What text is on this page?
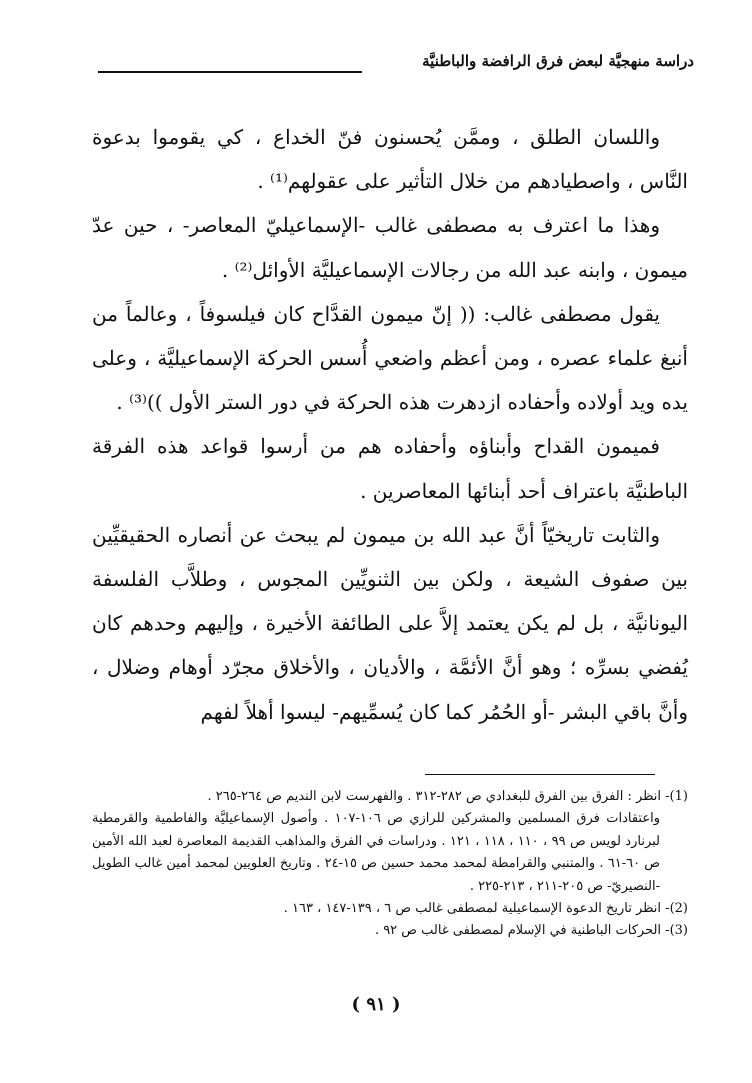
دراسة منهجيَّة لبعض فرق الرافضة والباطنيَّة

واللسان الطلق ، وممَّن يُحسنون فنّ الخداع ، كي يقوموا بدعوة النَّاس ، واصطيادهم من خلال التأثير على عقولهم⁽¹⁾ .

وهذا ما اعترف به مصطفى غالب -الإسماعيليّ المعاصر- ، حين عدّ ميمون ، وابنه عبد الله من رجالات الإسماعيليَّة الأوائل⁽²⁾ .

يقول مصطفى غالب: (( إنّ ميمون القدَّاح كان فيلسوفاً ، وعالماً من أنبغ علماء عصره ، ومن أعظم واضعي أُسس الحركة الإسماعيليَّة ، وعلى يده ويد أولاده وأحفاده ازدهرت هذه الحركة في دور الستر الأول ))⁽³⁾ .

فميمون القداح وأبناؤه وأحفاده هم من أرسوا قواعد هذه الفرقة الباطنيَّة باعتراف أحد أبنائها المعاصرين .

والثابت تاريخيّاً أنَّ عبد الله بن ميمون لم يبحث عن أنصاره الحقيقيِّين بين صفوف الشيعة ، ولكن بين الثنويِّين المجوس ، وطلاَّب الفلسفة اليونانيَّة ، بل لم يكن يعتمد إلاَّ على الطائفة الأخيرة ، وإليهم وحدهم كان يُفضي بسرِّه ؛ وهو أنَّ الأئمَّة ، والأديان ، والأخلاق مجرّد أوهام وضلال ، وأنَّ باقي البشر -أو الحُمُر كما كان يُسمِّيهم- ليسوا أهلاً لفهم

(1)- انظر : الفرق بين الفرق للبغدادي ص ٢٨٢-٣١٢ . والفهرست لابن النديم ص ٢٦٤-٢٦٥ .

واعتقادات فرق المسلمين والمشركين للرازي ص ١٠٦-١٠٧ . وأصول الإسماعيليَّة والفاطمية والقرمطية لبرنارد لويس ص ٩٩ ، ١١٠ ، ١١٨ ، ١٢١ . ودراسات في الفرق والمذاهب القديمة المعاصرة لعبد الله الأمين ص ٦٠-٦١ . والمتنبي والقرامطة لمحمد محمد حسين ص ١٥-٢٤ . وتاريخ العلويين لمحمد أمين غالب الطويل -النصيريّ- ص ٢٠٥-٢١١ ، ٢١٣-٢٢٥ .

(2)- انظر تاريخ الدعوة الإسماعيلية لمصطفى غالب ص ٦ ، ١٣٩-١٤٧ ، ١٦٣ .

(3)- الحركات الباطنية في الإسلام لمصطفى غالب ص ٩٢ .

( ٩١ )
